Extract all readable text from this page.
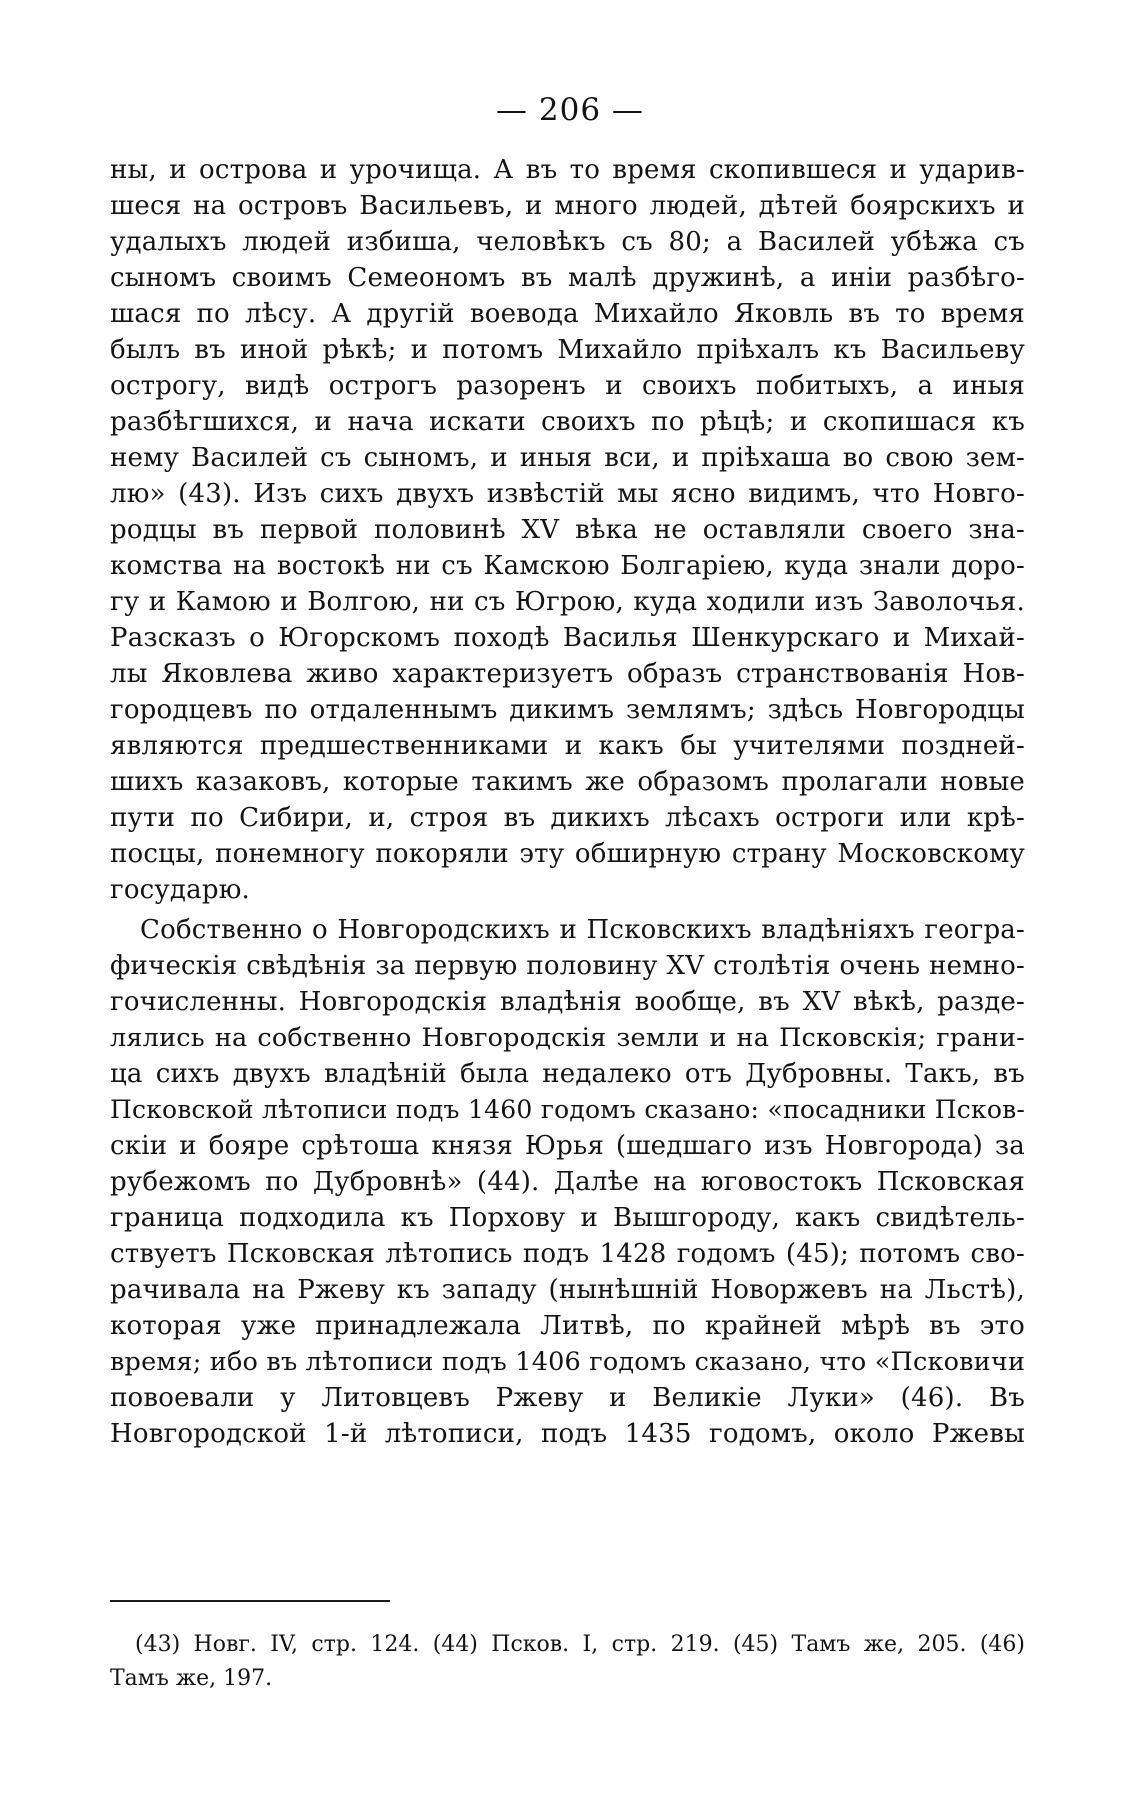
— 206 —
ны, и острова и урочища. А въ то время скопившеся и ударив-
шеся на островъ Васильевъ, и много людей, дѣтей боярскихъ и
удалыхъ людей избиша, человѣкъ съ 80; а Василей убѣжа съ
сыномъ своимъ Семеономъ въ малѣ дружинѣ, а инiи разбѣго-
шася по лѣсу. А другiй воевода Михайло Яковль въ то время
былъ въ иной рѣкѣ; и потомъ Михайло прiѣхалъ къ Васильеву
острогу, видѣ острогъ разоренъ и своихъ побитыхъ, а иныя
разбѣгшихся, и нача искати своихъ по рѣцѣ; и скопишася къ
нему Василей съ сыномъ, и иныя вси, и прiѣхаша во свою зем-
лю» (43). Изъ сихъ двухъ извѣстiй мы ясно видимъ, что Новго-
родцы въ первой половинѣ XV вѣка не оставляли своего зна-
комства на востокѣ ни съ Камскою Болгарiею, куда знали доро-
гу и Камою и Волгою, ни съ Югрою, куда ходили изъ Заволочья.
Разсказъ о Югорскомъ походѣ Василья Шенкурскаго и Михай-
лы Яковлева живо характеризуетъ образъ странствованiя Нов-
городцевъ по отдаленнымъ дикимъ землямъ; здѣсь Новгородцы
являются предшественниками и какъ бы учителями поздней-
шихъ казаковъ, которые такимъ же образомъ пролагали новые
пути по Сибири, и, строя въ дикихъ лѣсахъ остроги или крѣ-
посцы, понемногу покоряли эту обширную страну Московскому
государю.
Собственно о Новгородскихъ и Псковскихъ владѣнiяхъ геогра-
фическiя свѣдѣнiя за первую половину XV столѣтiя очень немно-
гочисленны. Новгородскiя владѣнiя вообще, въ XV вѣкѣ, разде-
лялись на собственно Новгородскiя земли и на Псковскiя; грани-
ца сихъ двухъ владѣнiй была недалеко отъ Дубровны. Такъ, въ
Псковской лѣтописи подъ 1460 годомъ сказано: «посадники Псков-
скiи и бояре срѣтоша князя Юрья (шедшаго изъ Новгорода) за
рубежомъ по Дубровнѣ» (44). Далѣе на юговостокъ Псковская
граница подходила къ Порхову и Вышгороду, какъ свидѣтель-
ствуетъ Псковская лѣтопись подъ 1428 годомъ (45); потомъ сво-
рачивала на Ржеву къ западу (нынѣшнiй Новоржевъ на Льстѣ),
которая уже принадлежала Литвѣ, по крайней мѣрѣ въ это
время; ибо въ лѣтописи подъ 1406 годомъ сказано, что «Псковичи
повоевали у Литовцевъ Ржеву и Великiе Луки» (46). Въ
Новгородской 1-й лѣтописи, подъ 1435 годомъ, около Ржевы
(43) Новг. IV, стр. 124. (44) Псков. I, стр. 219. (45) Тамъ же, 205. (46)
Тамъ же, 197.
